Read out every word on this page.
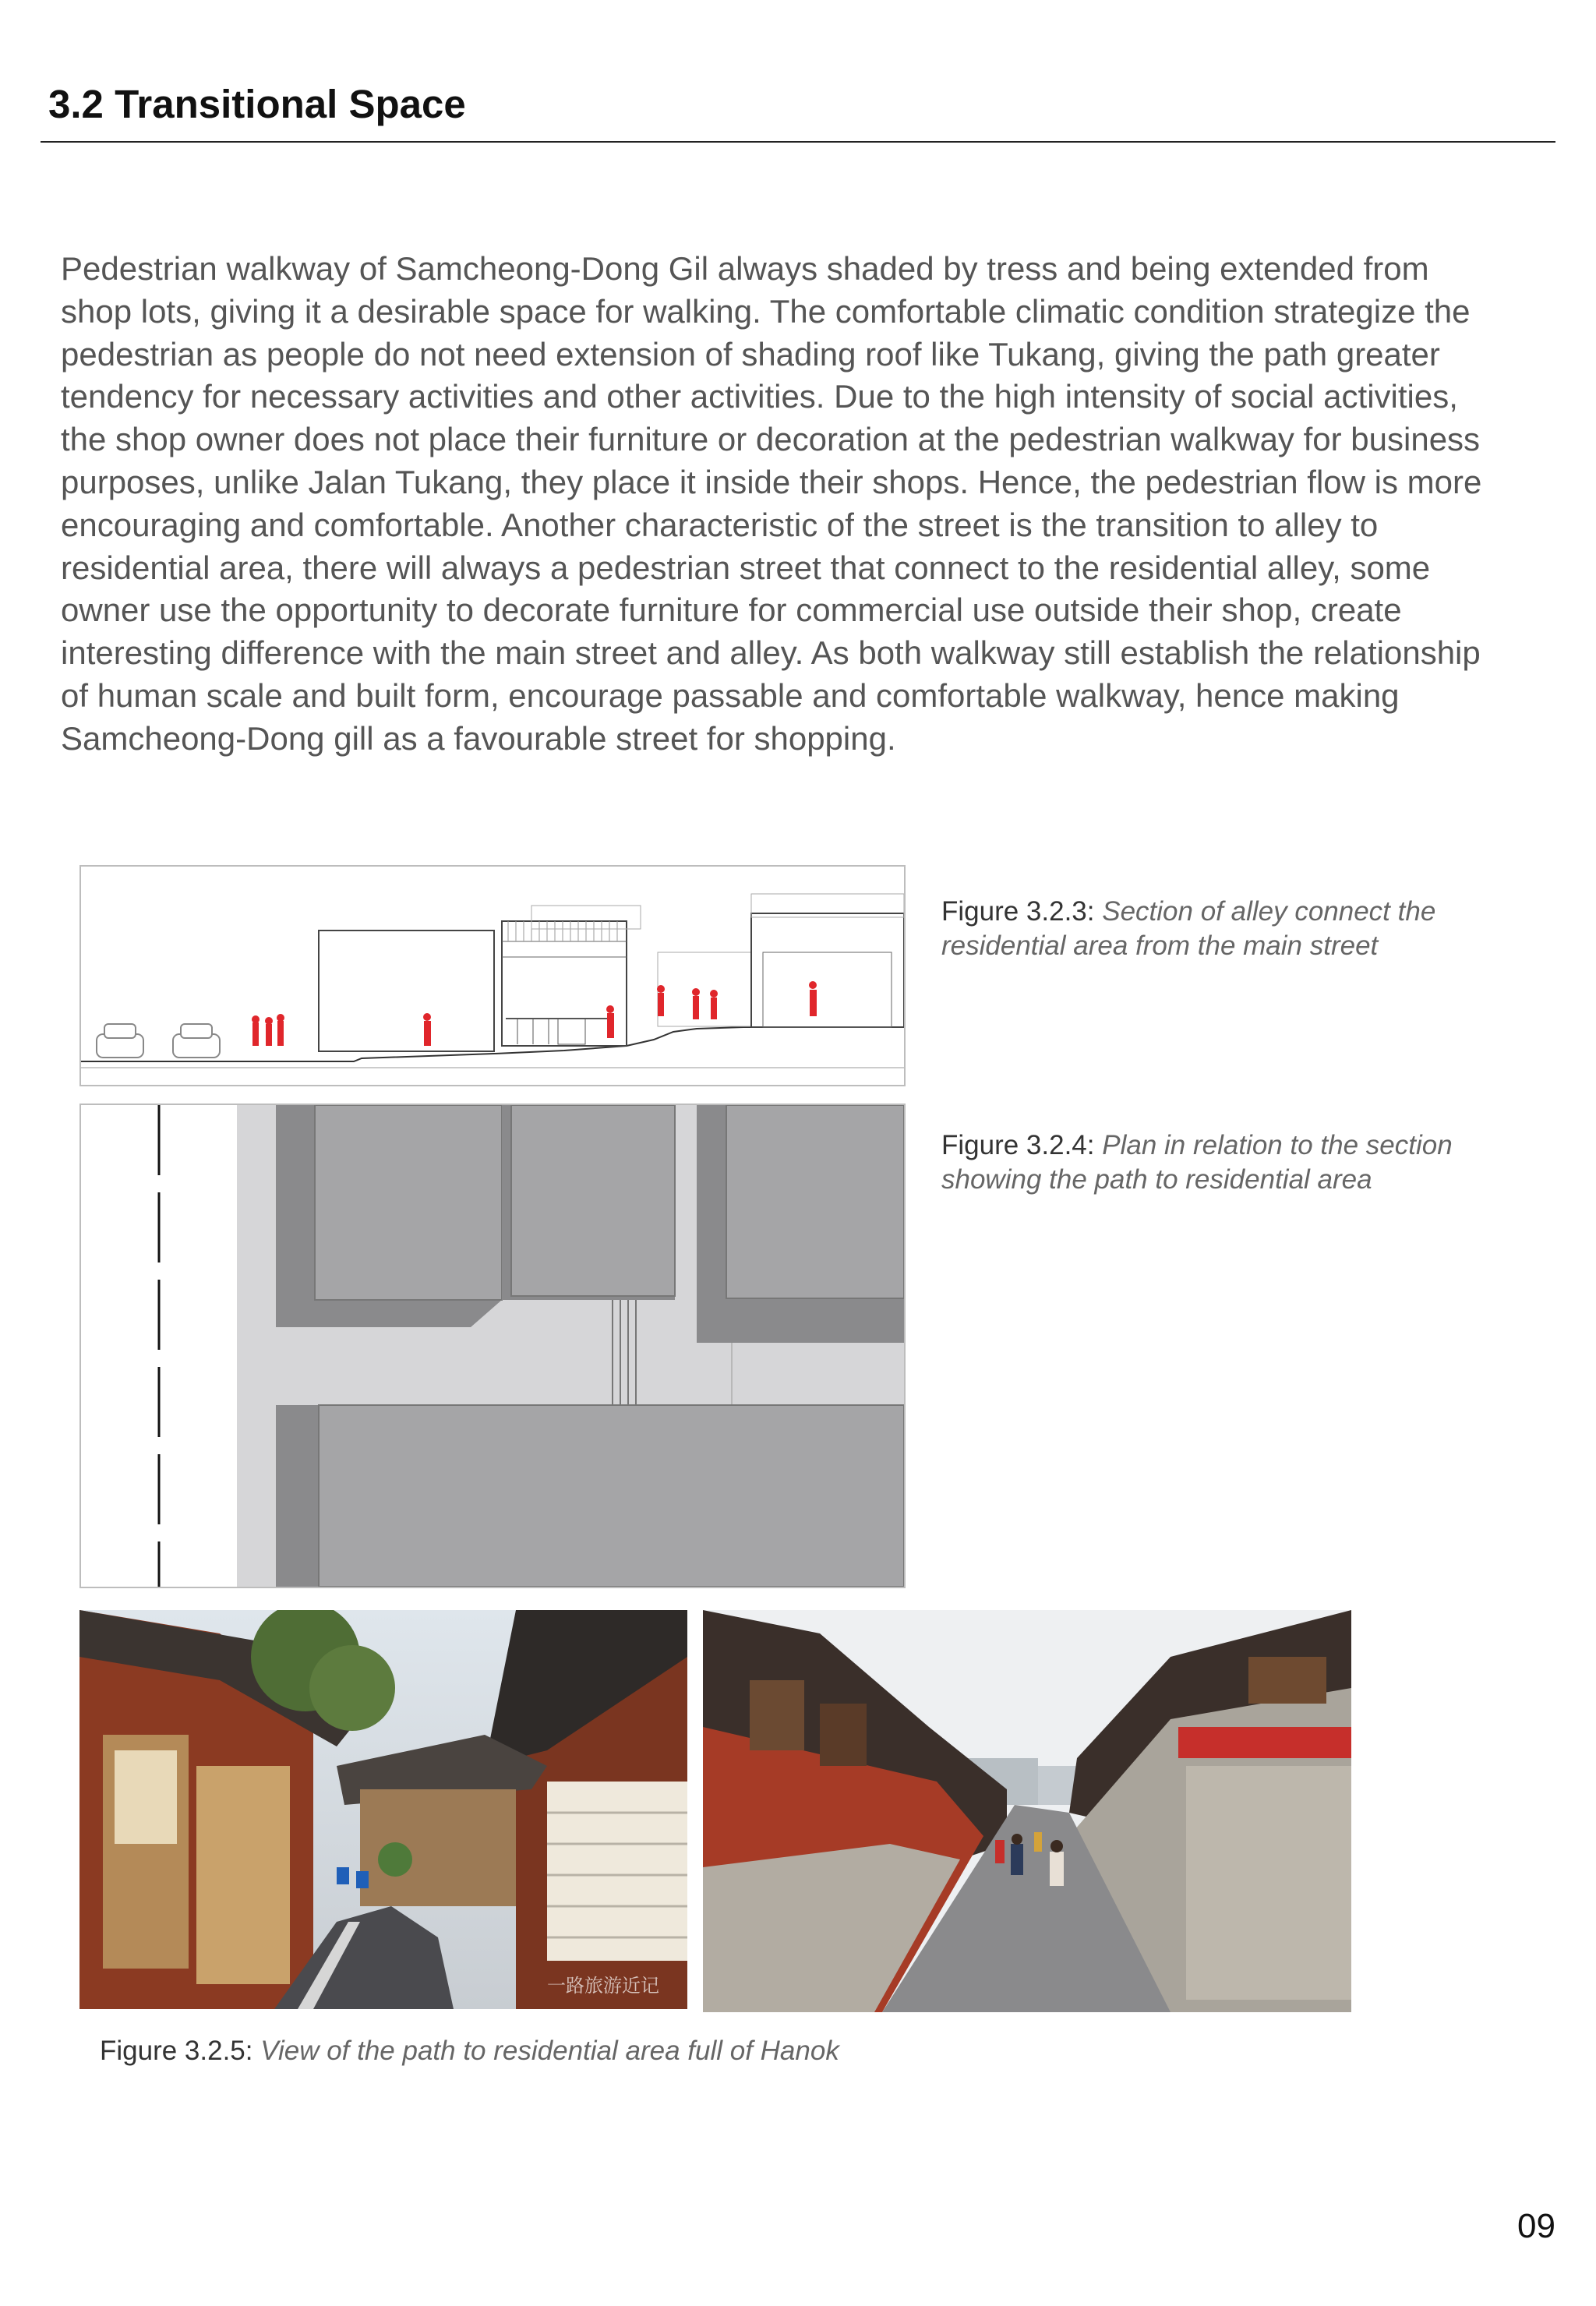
3.2 Transitional Space

Pedestrian walkway of Samcheong-Dong Gil always shaded by tress and being extended from shop lots, giving it a desirable space for walking. The comfortable climatic condition strategize the pedestrian as people do not need extension of shading roof like Tukang, giving the path greater tendency for necessary activities and other activities. Due to the high intensity of social activities, the shop owner does not place their furniture or decoration at the pedestrian walkway for business purposes, unlike Jalan Tukang, they place it inside their shops. Hence, the pedestrian flow is more encouraging and comfortable. Another characteristic of the street is the transition to alley to residential area, there will always a pedestrian street that connect to the residential alley, some owner use the opportunity to decorate furniture for commercial use outside their shop, create interesting difference with the main street and alley. As both walkway still establish the relationship of human scale and built form, encourage passable and comfortable walkway, hence making Samcheong-Dong gill as a favourable street for shopping.

Figure 3.2.3: Section of alley connect the residential area from the main street
Figure 3.2.4: Plan in relation to the section showing the path to residential area
一路旅游近记
Figure 3.2.5: View of the path to residential area full of Hanok
09
